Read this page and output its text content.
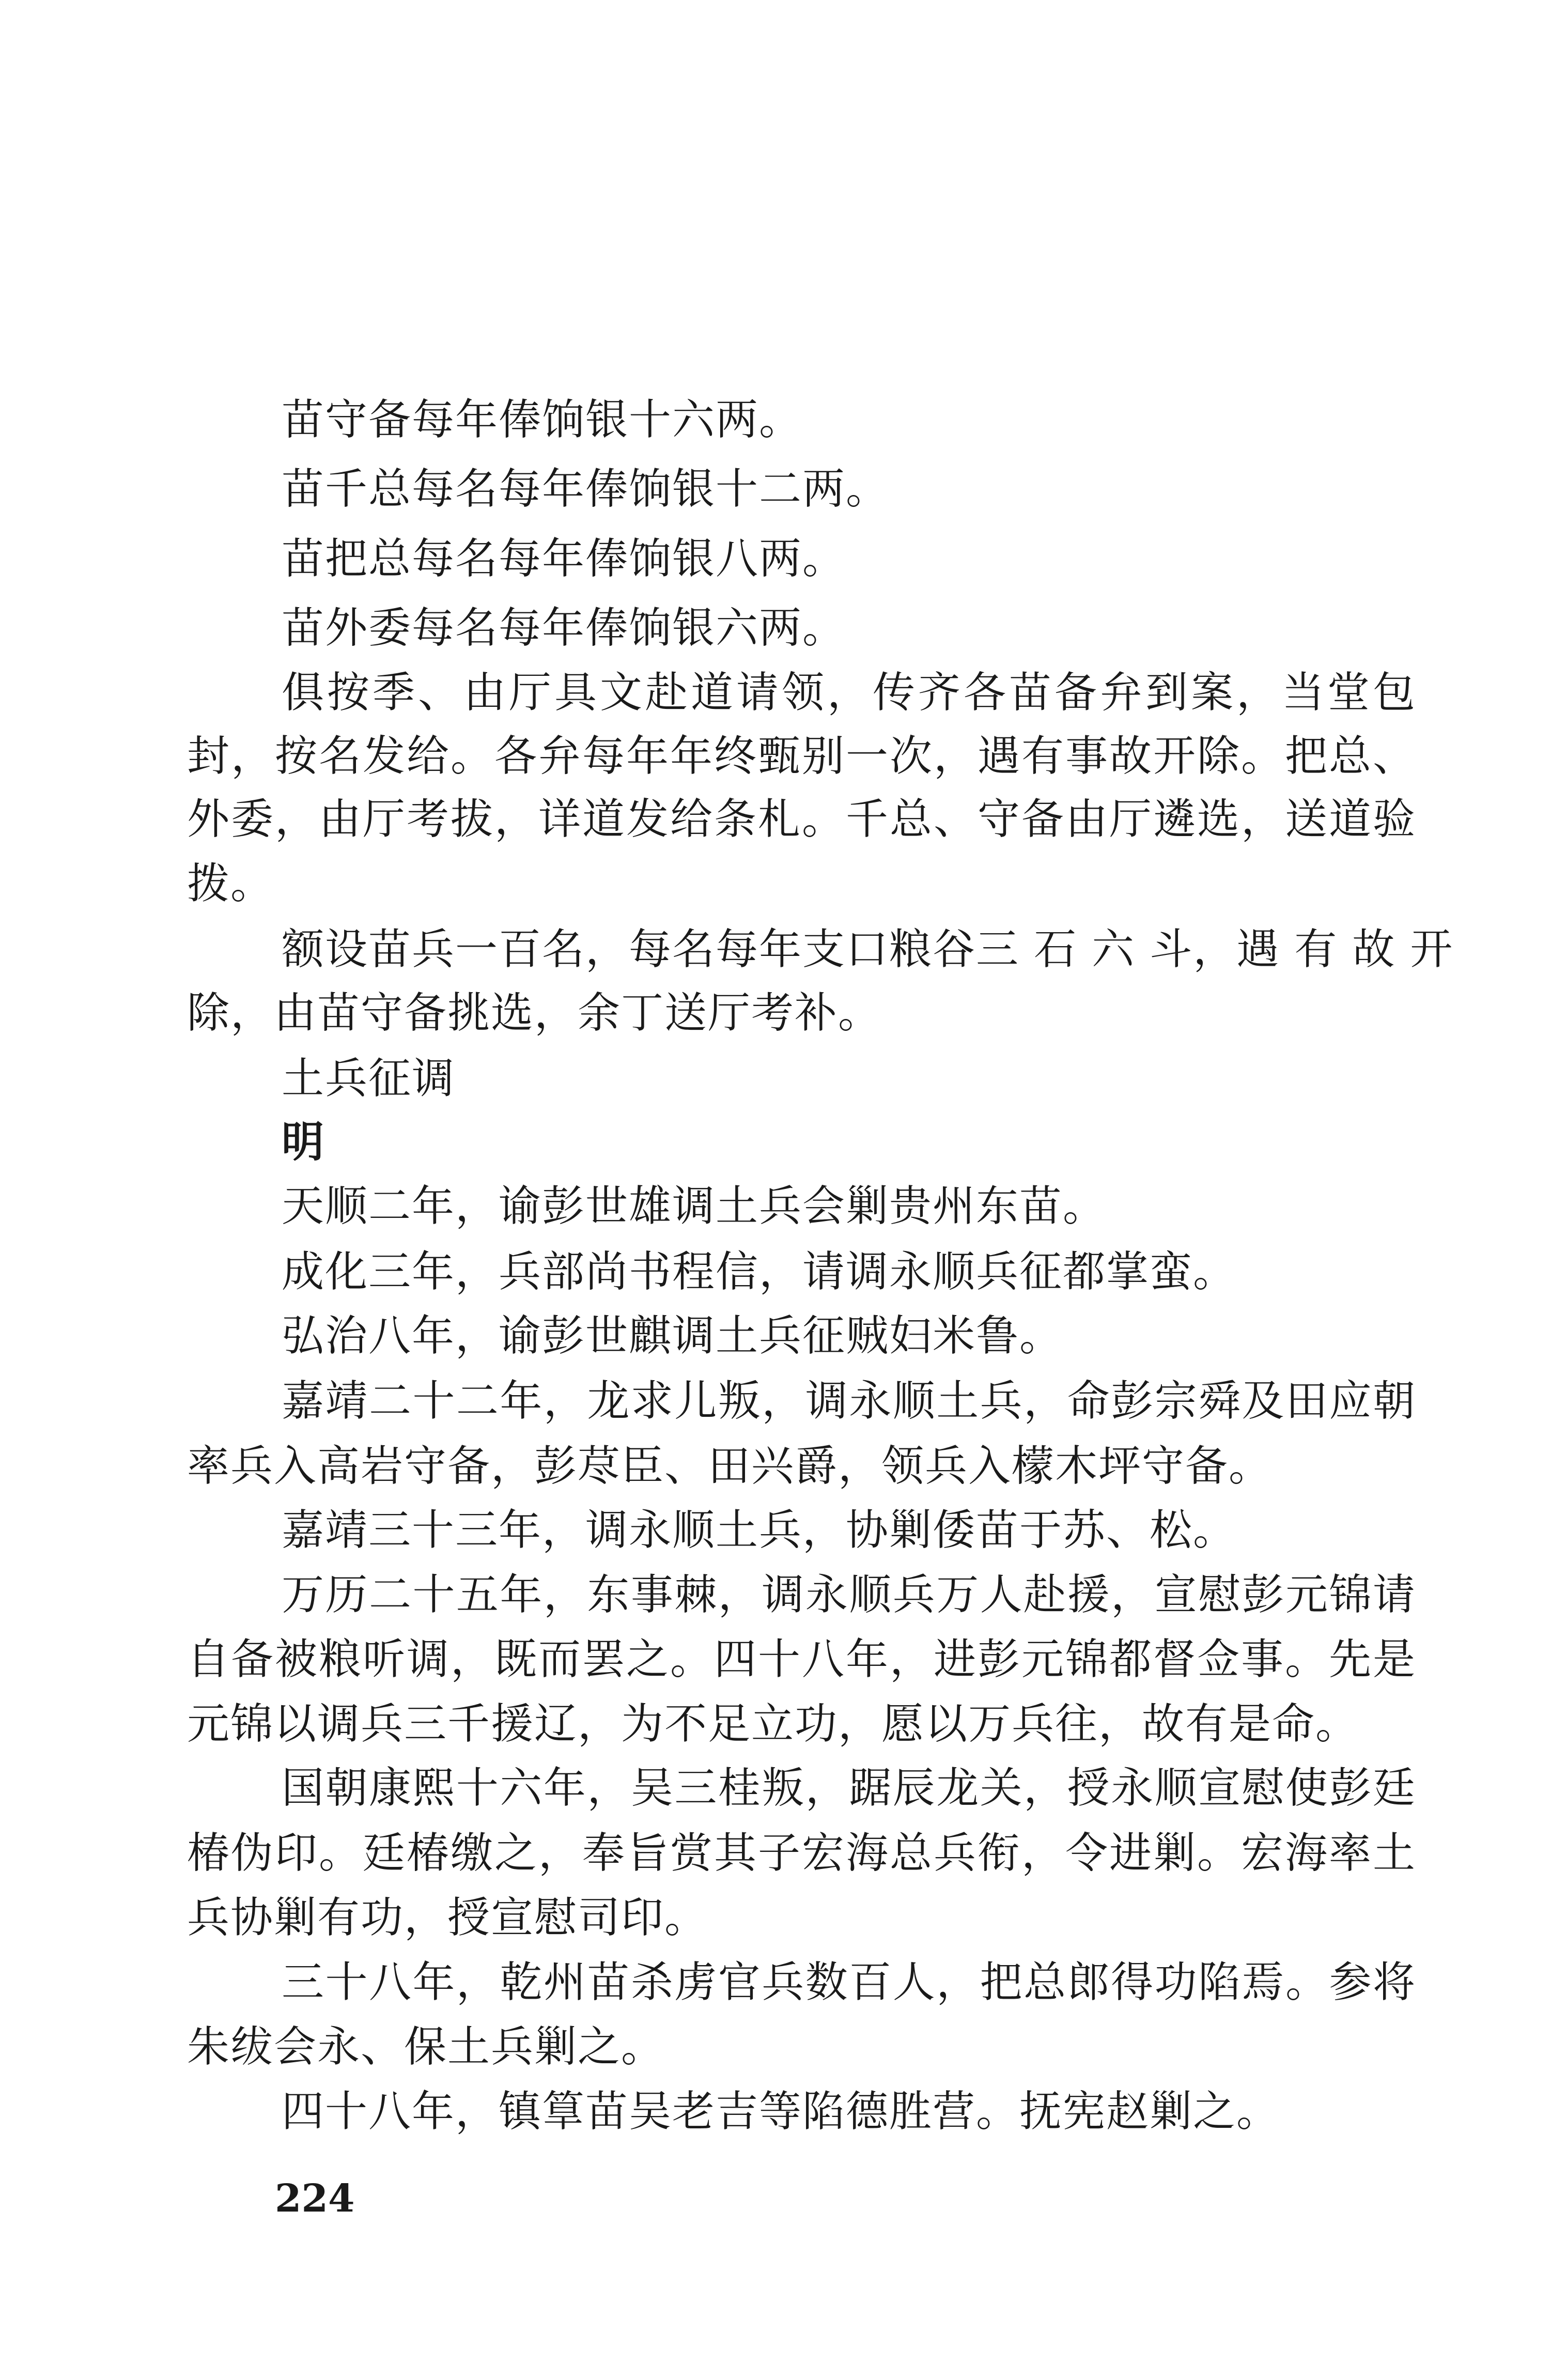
苗守备每年俸饷银十六两。
苗千总每名每年俸饷银十二两。
苗把总每名每年俸饷银八两。
苗外委每名每年俸饷银六两。
俱按季、由厅具文赴道请领，传齐各苗备弁到案，当堂包
封，按名发给。各弁每年年终甄别一次，遇有事故开除。把总、
外委，由厅考拔，详道发给条札。千总、守备由厅遴选，送道验
拨。
额设苗兵一百名，每名每年支口粮谷三 石 六 斗，遇 有 故 开
除，由苗守备挑选，余丁送厅考补。
土兵征调
明
天顺二年，谕彭世雄调土兵会剿贵州东苗。
成化三年，兵部尚书程信，请调永顺兵征都掌蛮。
弘治八年，谕彭世麒调土兵征贼妇米鲁。
嘉靖二十二年，龙求儿叛，调永顺土兵，命彭宗舜及田应朝
率兵入高岩守备，彭荩臣、田兴爵，领兵入檬木坪守备。
嘉靖三十三年，调永顺土兵，协剿倭苗于苏、松。
万历二十五年，东事棘，调永顺兵万人赴援，宣慰彭元锦请
自备被粮听调，既而罢之。四十八年，进彭元锦都督佥事。先是
元锦以调兵三千援辽，为不足立功，愿以万兵往，故有是命。
国朝康熙十六年，吴三桂叛，踞辰龙关，授永顺宣慰使彭廷
椿伪印。廷椿缴之，奉旨赏其子宏海总兵衔，令进剿。宏海率土
兵协剿有功，授宣慰司印。
三十八年，乾州苗杀虏官兵数百人，把总郎得功陷焉。参将
朱绂会永、保土兵剿之。
四十八年，镇筸苗吴老吉等陷德胜营。抚宪赵剿之。
224
